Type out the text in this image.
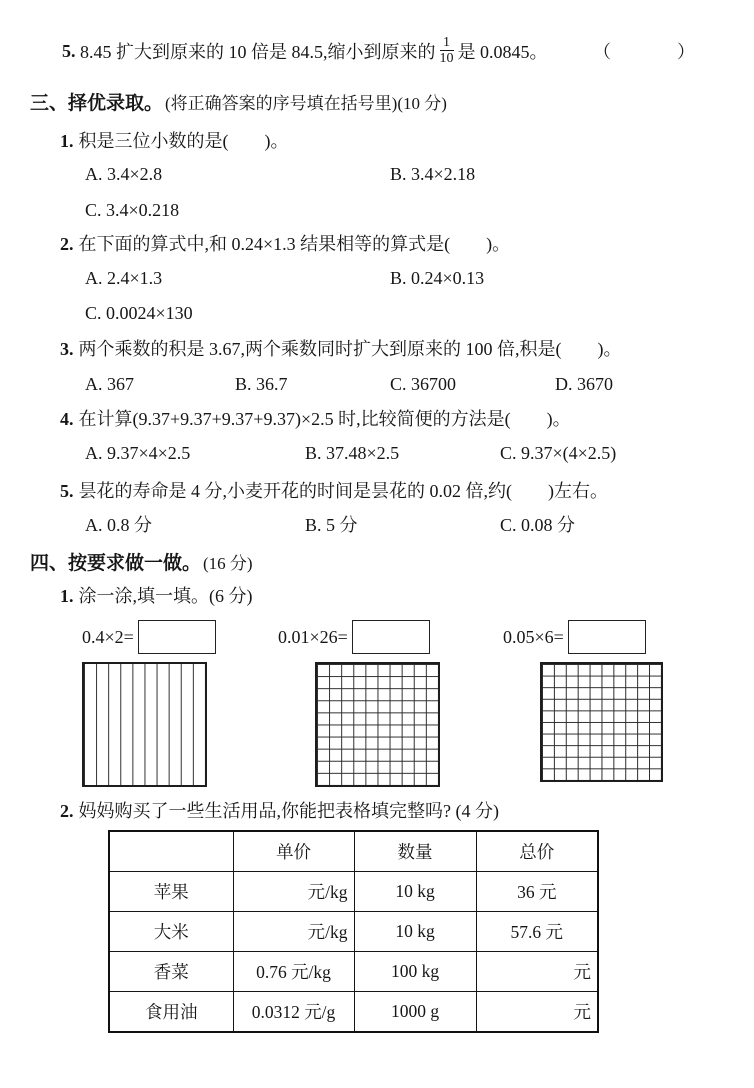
5.
8.45 扩大到原来的 10 倍是 84.5,缩小到原来的 $\frac{1}{10}$ 是 0.0845。	（　　）
三、择优录取。 (将正确答案的序号填在括号里)(10 分)
1. 积是三位小数的是(　　)。
A. 3.4×2.8	B. 3.4×2.18
C. 3.4×0.218
2. 在下面的算式中,和 0.24×1.3 结果相等的算式是(　　)。
A. 2.4×1.3	B. 0.24×0.13
C. 0.0024×130
3. 两个乘数的积是 3.67,两个乘数同时扩大到原来的 100 倍,积是(　　)。
A. 367	B. 36.7	C. 36700	D. 3670
4. 在计算(9.37+9.37+9.37+9.37)×2.5 时,比较简便的方法是(　　)。
A. 9.37×4×2.5	B. 37.48×2.5	C. 9.37×(4×2.5)
5. 昙花的寿命是 4 分,小麦开花的时间是昙花的 0.02 倍,约(　　)左右。
A. 0.8 分	B. 5 分	C. 0.08 分
四、按要求做一做。 (16 分)
1. 涂一涂,填一填。(6 分)
0.4×2=	0.01×26=	0.05×6=
2. 妈妈购买了一些生活用品,你能把表格填完整吗? (4 分)
	单价	数量	总价
苹果	元/kg	10 kg	36 元
大米	元/kg	10 kg	57.6 元
香菜	0.76 元/kg	100 kg	元
食用油	0.0312 元/g	1000 g	元
